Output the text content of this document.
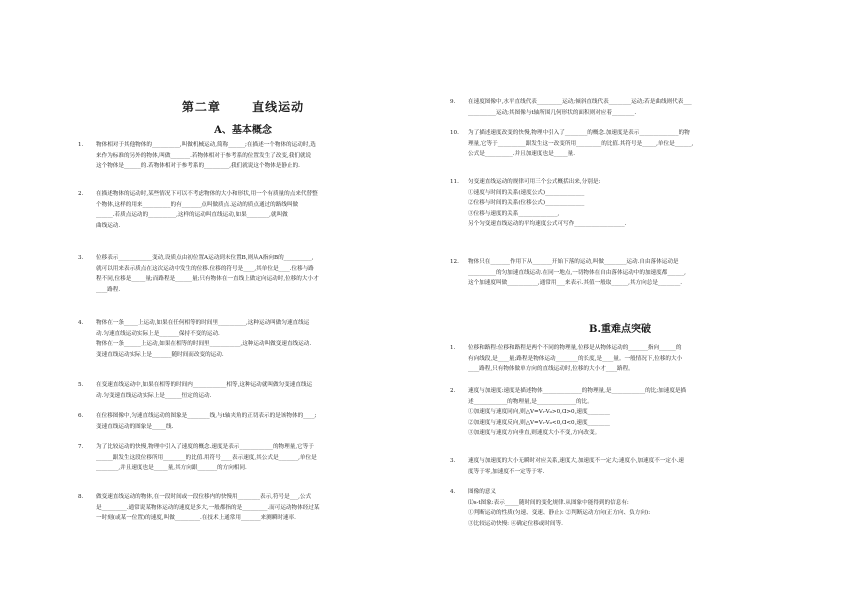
第二章 　　直线运动
A、基本概念
B.重难点突破
1. 物体相对于其他物体的__________,叫做机械运动,简称______;在描述一个物体的运动时,选
来作为标准的另外的物体,叫做_______.若物体相对于参考系的位置发生了改变,我们就说
这个物体是______的.若物体相对于参考系的_________,我们就说这个物体是静止的.
2. 在描述物体的运动时,某些情况下可以不考虑物体的大小和形状,用一个有质量的点来代替整
个物体,这样的用来__________的有_______点叫做质点.运动的质点通过的路线叫做
______.若质点运动的__________,这样的运动叫直线运动,如果________,就叫做
曲线运动.
3. 位移表示____________变动,设质点由初位置A运动到末位置B,则从A指向B的__________,
就可以用来表示质点在这次运动中发生的位移.位移的符号是____,其单位是____.位移与路
程不同,位移是_____量;而路程是______量;只有物体在一直线上做定向运动时,位移的大小才
____路程.
4. 物体在一条_____上运动,如果在任何相等的时间里__________,这种运动叫做匀速直线运
动.匀速直线运动实际上是_______保持不变的运动.
物体在一条______上运动,如果在相等的时间里___________,这种运动叫做变速直线运动.
变速直线运动实际上是_______随时间而改变的运动.
5. 在变速直线运动中,如果在相等的时间内____________相等,这种运动就叫做匀变速直线运
动.匀变速直线运动实际上是______恒定的运动.
6. 在位移图像中,匀速直线运动的图象是________线,与t轴夹角的正切表示的是该物体的____;
变速直线运动的图象是_____线.
7. 为了比较运动的快慢,物理中引入了速度的概念.速度是表示____________的物理量,它等于
______跟发生这段位移所用________的比值.用符号____表示速度,其公式是_______,单位是
________,并且速度也是_____量,其方向跟_______的方向相同.
8. 做变速直线运动的物体,在一段时间或一段位移内的快慢用________表示,符号是___,公式
是_________.通常说某物体运动的速度是多大,一般都指的是_________.而可运动物体经过某
一时刻(或某一位置)的速度,叫做_________.在技术上通常用_______来测瞬时速率.
9. 在速度图像中,水平直线代表_________运动;倾斜直线代表________运动;若是曲线则代表___
__________运动;其图像与t轴所围几何形状的面积则对应着________.
10. 为了描述速度改变的快慢,物理中引入了________的概念.加速度是表示______________的物
理量,它等于__________跟发生这一改变所用_________的比值.其符号是_____,单位是______,
公式是__________.并且加速度也是_____量.
11. 匀变速直线运动的规律可用三个公式概括出来,分别是:
①速度与时间的关系(速度公式)______________
②位移与时间的关系(位移公式)______________
③位移与速度的关系______________,
另个匀变速直线运动的平均速度公式可写作__________________.
12. 物体只在_______作用下从_______开始下落的运动,叫做________运动.自由落体运动是
__________的匀加速直线运动.在同一地点,一切物体在自由落体运动中的加速度都______,
这个加速度叫做___________,通常用___来表示.其值一般取______,其方向总是________.
1. 位移和路程:位移和路程是两个不同的物理量,位移是从物体运动的_______指向______的
有向线段,是____量;路程是物体运动________的长度,是____量。一般情况下,位移的大小
____路程,只有物体做单方向的直线运动时,位移的大小才____路程。
2. 速度与加速度:速度是描述物体______________的物理量,是____________的比;加速度是描
述____________的物理量,是______________的比。
①加速度与速度同向,则△V=Vₜ-V₀>0,Ɑ>0,速度________
②加速度与速度反向,则△V=Vₜ-V₀<0,Ɑ<0,速度________
③加速度与速度方向垂直,则速度大小不变,方向改变。
3. 速度与加速度的大小无瞬时对应关系,速度大,加速度不一定大;速度小,加速度不一定小.速
度等于零,加速度不一定等于零.
4. 图像的意义
⑴s-t图象:表示_____随时间的变化规律.从图象中能得到的信息有:
①判断运动的性质(匀速、变速、静止): ②判断运动方向(正方向、负方向):
③比较运动快慢: ④确定位移或时间等.
